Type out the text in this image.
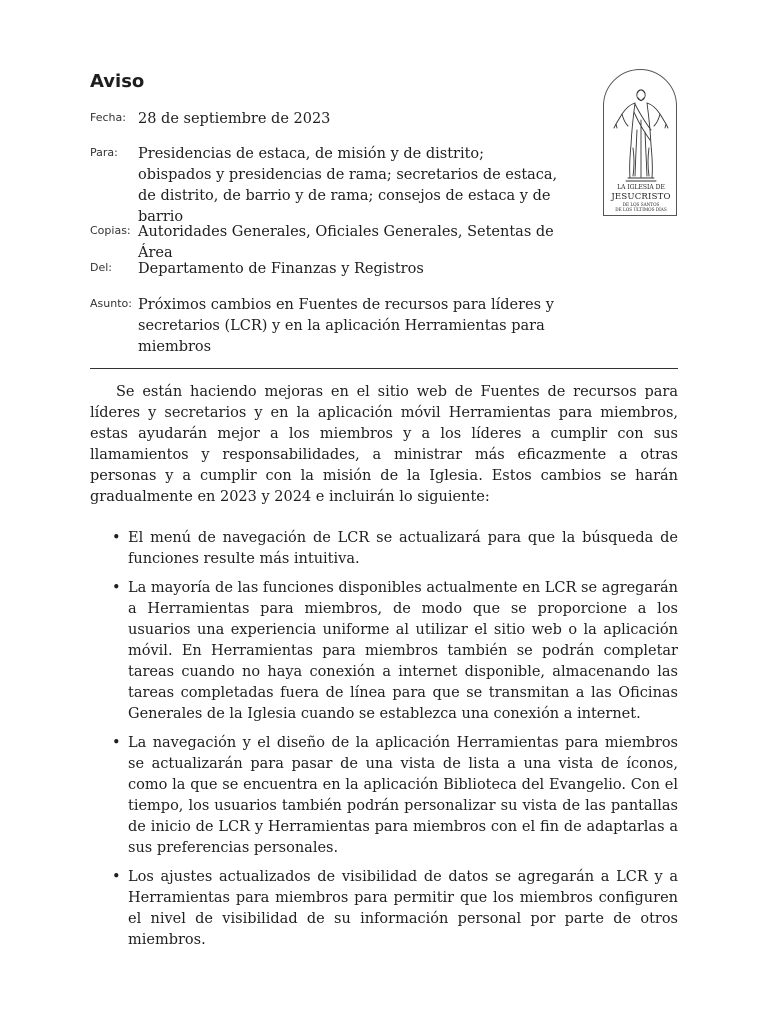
Aviso
Fecha: 28 de septiembre de 2023
Para:	Presidencias de estaca, de misión y de distrito; obispados y presidencias de rama; secretarios de estaca, de distrito, de barrio y de rama; consejos de estaca y de barrio
Copias: Autoridades Generales, Oficiales Generales, Setentas de Área
Del:	Departamento de Finanzas y Registros
Asunto: Próximos cambios en Fuentes de recursos para líderes y secretarios (LCR) y en la aplicación Herramientas para miembros
LA IGLESIA DE
JESUCRISTO
DE LOS SANTOS
DE LOS ÚLTIMOS DÍAS

Se están haciendo mejoras en el sitio web de Fuentes de recursos para líderes y secretarios y en la aplicación móvil Herramientas para miembros, estas ayudarán mejor a los miembros y a los líderes a cumplir con sus llamamientos y responsabilidades, a ministrar más eficazmente a otras personas y a cumplir con la misión de la Iglesia. Estos cambios se harán gradualmente en 2023 y 2024 e incluirán lo siguiente:

• El menú de navegación de LCR se actualizará para que la búsqueda de funciones resulte más intuitiva.
• La mayoría de las funciones disponibles actualmente en LCR se agregarán a Herramientas para miembros, de modo que se proporcione a los usuarios una experiencia uniforme al utilizar el sitio web o la aplicación móvil. En Herramientas para miembros también se podrán completar tareas cuando no haya conexión a internet disponible, almacenando las tareas completadas fuera de línea para que se transmitan a las Oficinas Generales de la Iglesia cuando se establezca una conexión a internet.
• La navegación y el diseño de la aplicación Herramientas para miembros se actualizarán para pasar de una vista de lista a una vista de íconos, como la que se encuentra en la aplicación Biblioteca del Evangelio. Con el tiempo, los usuarios también podrán personalizar su vista de las pantallas de inicio de LCR y Herramientas para miembros con el fin de adaptarlas a sus preferencias personales.
• Los ajustes actualizados de visibilidad de datos se agregarán a LCR y a Herramientas para miembros para permitir que los miembros configuren el nivel de visibilidad de su información personal por parte de otros miembros.
